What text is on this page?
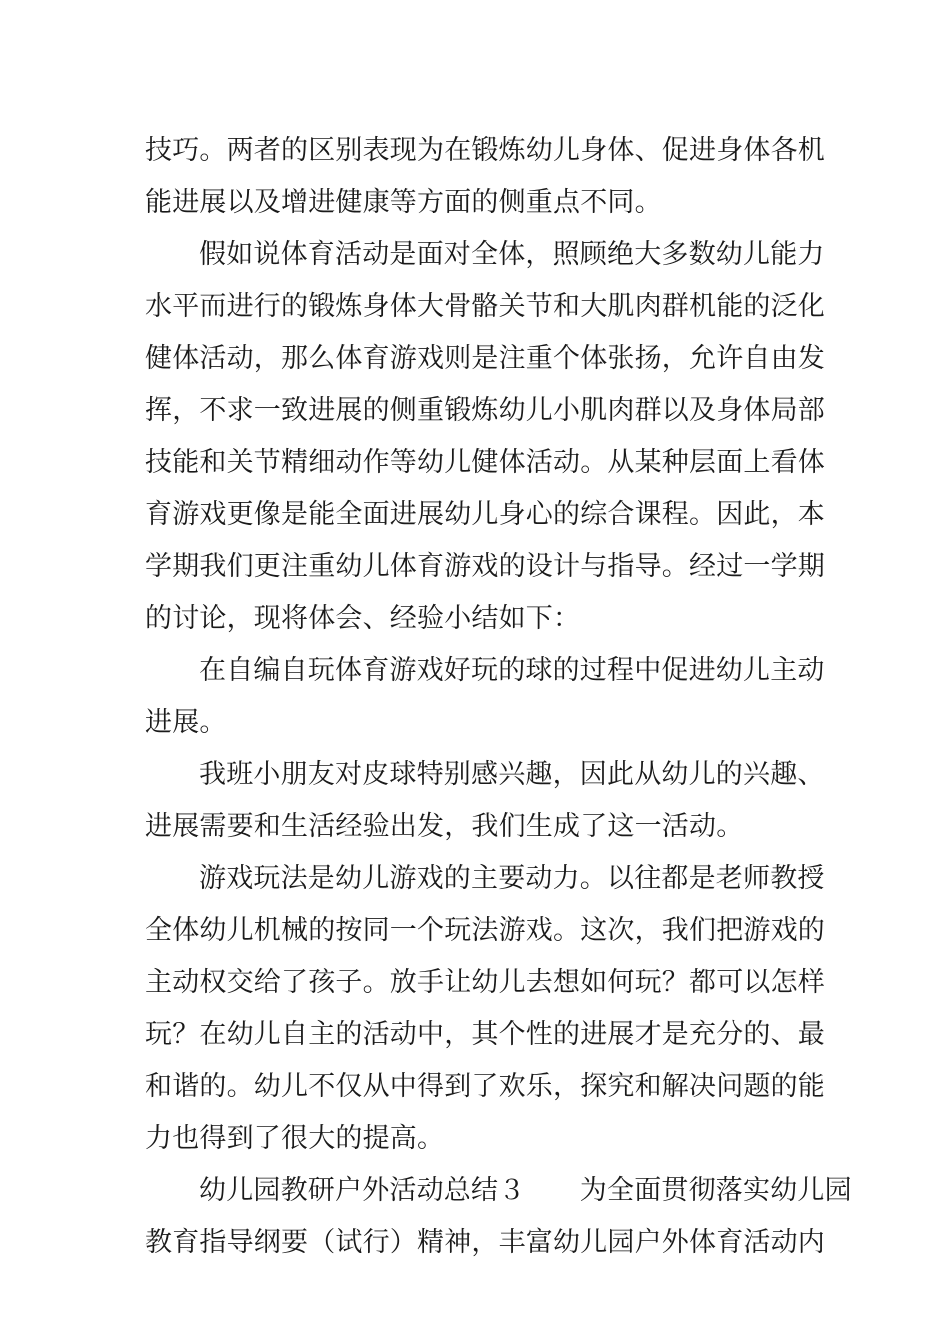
技巧。两者的区别表现为在锻炼幼儿身体、促进身体各机
能进展以及增进健康等方面的侧重点不同。
假如说体育活动是面对全体，照顾绝大多数幼儿能力
水平而进行的锻炼身体大骨骼关节和大肌肉群机能的泛化
健体活动，那么体育游戏则是注重个体张扬，允许自由发
挥，不求一致进展的侧重锻炼幼儿小肌肉群以及身体局部
技能和关节精细动作等幼儿健体活动。从某种层面上看体
育游戏更像是能全面进展幼儿身心的综合课程。因此，本
学期我们更注重幼儿体育游戏的设计与指导。经过一学期
的讨论，现将体会、经验小结如下：
在自编自玩体育游戏好玩的球的过程中促进幼儿主动
进展。
我班小朋友对皮球特别感兴趣，因此从幼儿的兴趣、
进展需要和生活经验出发，我们生成了这一活动。
游戏玩法是幼儿游戏的主要动力。以往都是老师教授
全体幼儿机械的按同一个玩法游戏。这次，我们把游戏的
主动权交给了孩子。放手让幼儿去想如何玩？都可以怎样
玩？在幼儿自主的活动中，其个性的进展才是充分的、最
和谐的。幼儿不仅从中得到了欢乐，探究和解决问题的能
力也得到了很大的提高。
幼儿园教研户外活动总结３　　为全面贯彻落实幼儿园
教育指导纲要（试行）精神，丰富幼儿园户外体育活动内
